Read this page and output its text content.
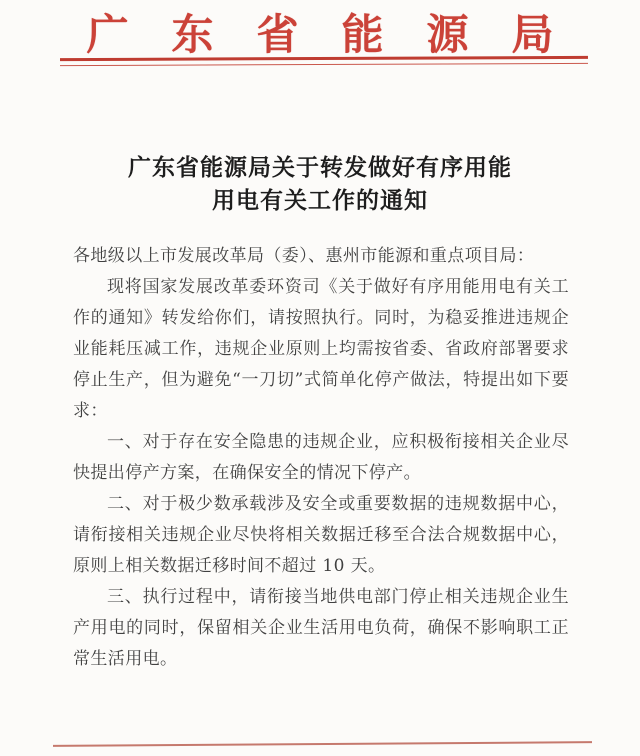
广东省能源局
广东省能源局关于转发做好有序用能
用电有关工作的通知

各地级以上市发展改革局（委）、惠州市能源和重点项目局：

现将国家发展改革委环资司《关于做好有序用能用电有关工作的通知》转发给你们，请按照执行。同时，为稳妥推进违规企业能耗压减工作，违规企业原则上均需按省委、省政府部署要求停止生产，但为避免“一刀切”式简单化停产做法，特提出如下要求：

一、对于存在安全隐患的违规企业，应积极衔接相关企业尽快提出停产方案，在确保安全的情况下停产。

二、对于极少数承载涉及安全或重要数据的违规数据中心，请衔接相关违规企业尽快将相关数据迁移至合法合规数据中心，原则上相关数据迁移时间不超过 10 天。

三、执行过程中，请衔接当地供电部门停止相关违规企业生产用电的同时，保留相关企业生活用电负荷，确保不影响职工正常生活用电。
